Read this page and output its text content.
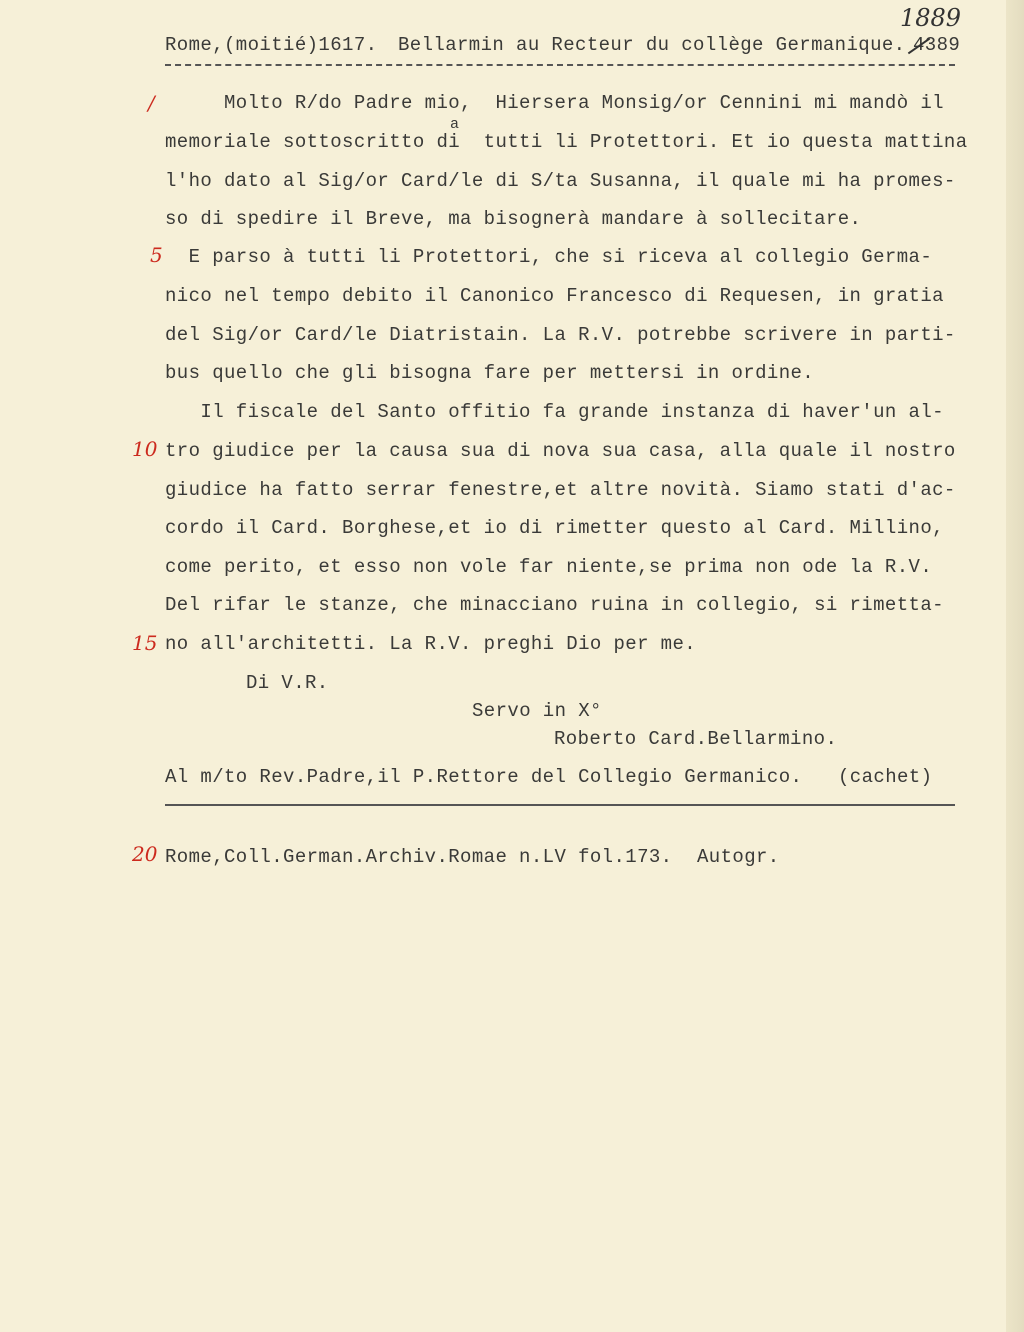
Rome,(moitié)1617. Bellarmin au Recteur du collège Germanique. 4389
1889
Molto R/do Padre mio,  Hiersera Monsig/or Cennini mi mandò il
memoriale sottoscritto di  tutti li Protettori. Et io questa mattina
a
l'ho dato al Sig/or Card/le di S/ta Susanna, il quale mi ha promes-
so di spedire il Breve, ma bisognerà mandare à sollecitare.
E parso à tutti li Protettori, che si riceva al collegio Germa-
nico nel tempo debito il Canonico Francesco di Requesen, in gratia
del Sig/or Card/le Diatristain. La R.V. potrebbe scrivere in parti-
bus quello che gli bisogna fare per mettersi in ordine.
Il fiscale del Santo offitio fa grande instanza di haver'un al-
tro giudice per la causa sua di nova sua casa, alla quale il nostro
giudice ha fatto serrar fenestre,et altre novità. Siamo stati d'ac-
cordo il Card. Borghese,et io di rimetter questo al Card. Millino,
come perito, et esso non vole far niente,se prima non ode la R.V.
Del rifar le stanze, che minacciano ruina in collegio, si rimetta-
no all'architetti. La R.V. preghi Dio per me.
Di V.R.
Servo in X°
Roberto Card.Bellarmino.
Al m/to Rev.Padre,il P.Rettore del Collegio Germanico. (cachet)
Rome,Coll.German.Archiv.Romae n.LV fol.173. Autogr.
/
5
10
15
20
